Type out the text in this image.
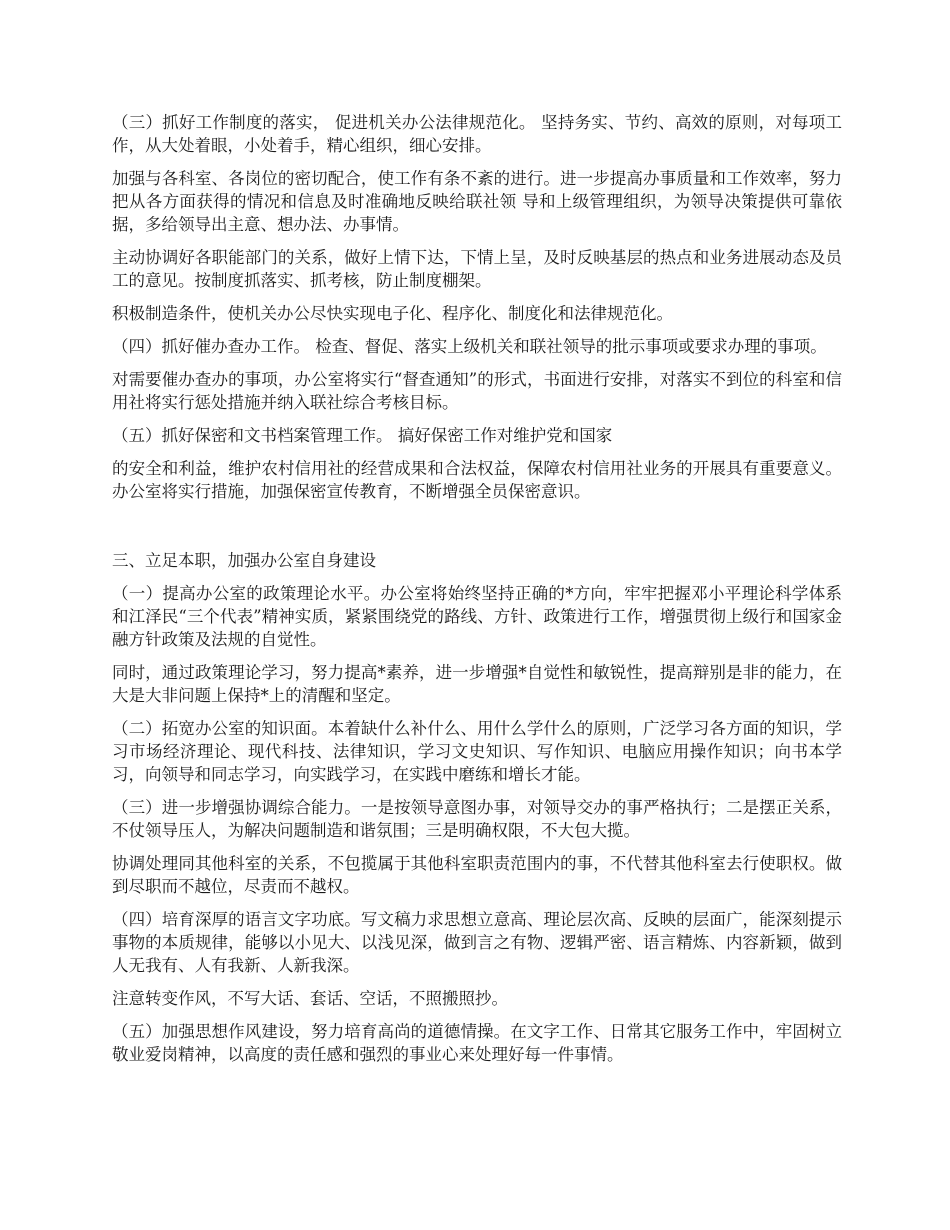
（三）抓好工作制度的落实， 促进机关办公法律规范化。 坚持务实、节约、高效的原则，对每项工作，从大处着眼，小处着手，精心组织，细心安排。

加强与各科室、各岗位的密切配合，使工作有条不紊的进行。进一步提高办事质量和工作效率，努力把从各方面获得的情况和信息及时准确地反映给联社领 导和上级管理组织，为领导决策提供可靠依据，多给领导出主意、想办法、办事情。

主动协调好各职能部门的关系，做好上情下达，下情上呈，及时反映基层的热点和业务进展动态及员工的意见。按制度抓落实、抓考核，防止制度棚架。

积极制造条件，使机关办公尽快实现电子化、程序化、制度化和法律规范化。

（四）抓好催办查办工作。 检查、督促、落实上级机关和联社领导的批示事项或要求办理的事项。

对需要催办查办的事项，办公室将实行“督查通知”的形式，书面进行安排，对落实不到位的科室和信用社将实行惩处措施并纳入联社综合考核目标。

（五）抓好保密和文书档案管理工作。 搞好保密工作对维护党和国家

的安全和利益，维护农村信用社的经营成果和合法权益，保障农村信用社业务的开展具有重要意义。办公室将实行措施，加强保密宣传教育，不断增强全员保密意识。

三、立足本职，加强办公室自身建设

（一）提高办公室的政策理论水平。办公室将始终坚持正确的*方向，牢牢把握邓小平理论科学体系和江泽民“三个代表”精神实质，紧紧围绕党的路线、方针、政策进行工作，增强贯彻上级行和国家金融方针政策及法规的自觉性。

同时，通过政策理论学习，努力提高*素养，进一步增强*自觉性和敏锐性，提高辩别是非的能力，在大是大非问题上保持*上的清醒和坚定。

（二）拓宽办公室的知识面。本着缺什么补什么、用什么学什么的原则，广泛学习各方面的知识，学习市场经济理论、现代科技、法律知识，学习文史知识、写作知识、电脑应用操作知识；向书本学习，向领导和同志学习，向实践学习，在实践中磨练和增长才能。

（三）进一步增强协调综合能力。一是按领导意图办事，对领导交办的事严格执行；二是摆正关系，不仗领导压人，为解决问题制造和谐氛围；三是明确权限，不大包大揽。

协调处理同其他科室的关系，不包揽属于其他科室职责范围内的事，不代替其他科室去行使职权。做到尽职而不越位，尽责而不越权。

（四）培育深厚的语言文字功底。写文稿力求思想立意高、理论层次高、反映的层面广，能深刻提示事物的本质规律，能够以小见大、以浅见深，做到言之有物、逻辑严密、语言精炼、内容新颖，做到人无我有、人有我新、人新我深。

注意转变作风，不写大话、套话、空话，不照搬照抄。

（五）加强思想作风建设，努力培育高尚的道德情操。在文字工作、日常其它服务工作中，牢固树立敬业爱岗精神，以高度的责任感和强烈的事业心来处理好每一件事情。
